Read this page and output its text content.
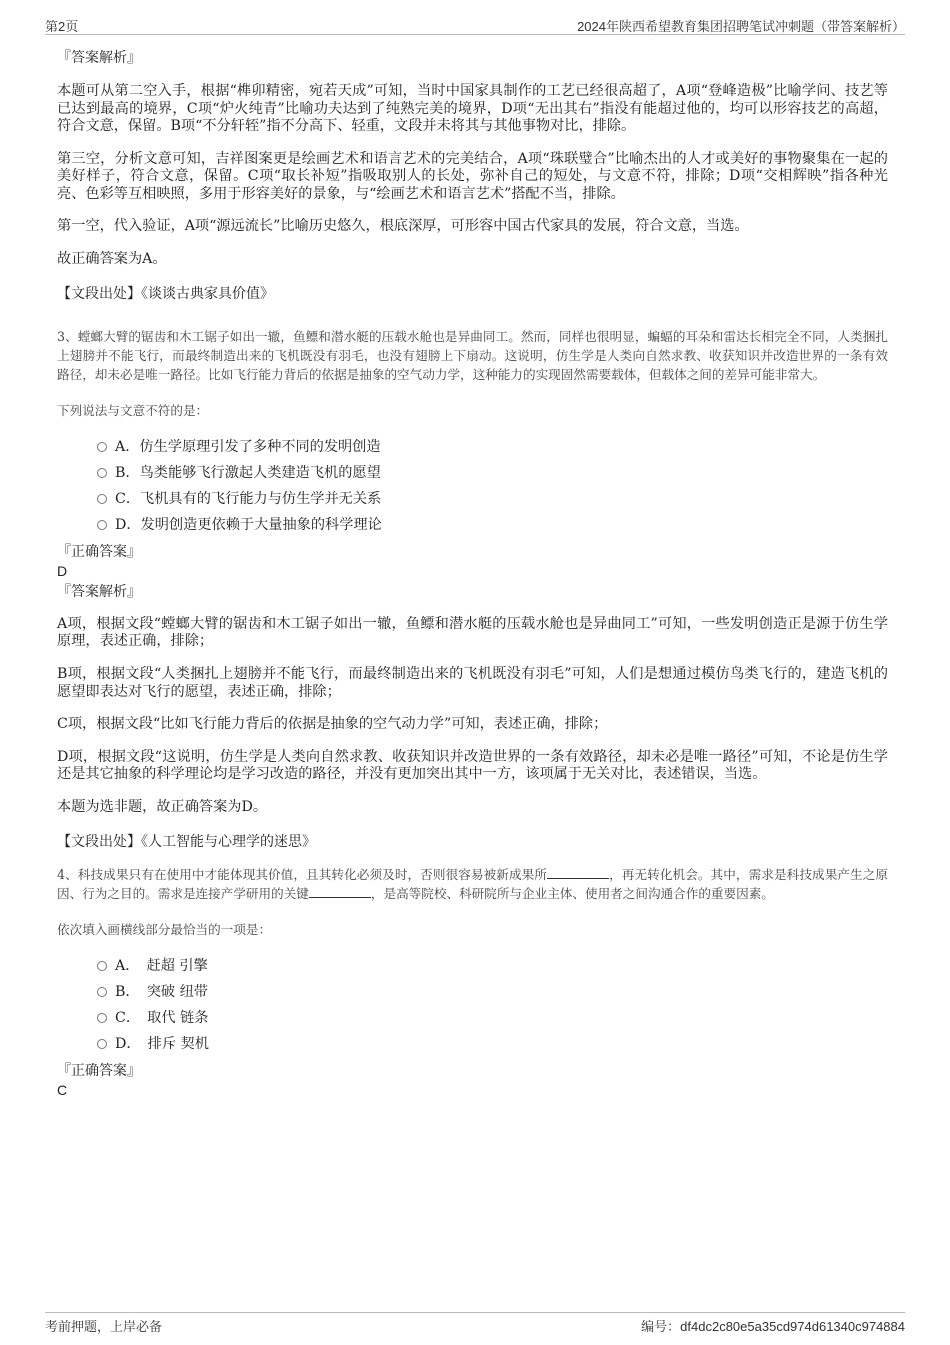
第2页	2024年陕西希望教育集团招聘笔试冲刺题（带答案解析）

『答案解析』

本题可从第二空入手，根据“榫卯精密，宛若天成”可知，当时中国家具制作的工艺已经很高超了，A项“登峰造极”比喻学问、技艺等已达到最高的境界，C项“炉火纯青”比喻功夫达到了纯熟完美的境界，D项“无出其右”指没有能超过他的，均可以形容技艺的高超，符合文意，保留。B项“不分轩轾”指不分高下、轻重，文段并未将其与其他事物对比，排除。

第三空，分析文意可知，吉祥图案更是绘画艺术和语言艺术的完美结合，A项“珠联璧合”比喻杰出的人才或美好的事物聚集在一起的美好样子，符合文意，保留。C项“取长补短”指吸取别人的长处，弥补自己的短处，与文意不符，排除；D项“交相辉映”指各种光亮、色彩等互相映照，多用于形容美好的景象，与“绘画艺术和语言艺术”搭配不当，排除。

第一空，代入验证，A项“源远流长”比喻历史悠久，根底深厚，可形容中国古代家具的发展，符合文意，当选。

故正确答案为A。

【文段出处】《谈谈古典家具价值》

3、螳螂大臂的锯齿和木工锯子如出一辙，鱼鳔和潜水艇的压载水舱也是异曲同工。然而，同样也很明显，蝙蝠的耳朵和雷达长相完全不同，人类捆扎上翅膀并不能飞行，而最终制造出来的飞机既没有羽毛，也没有翅膀上下扇动。这说明，仿生学是人类向自然求教、收获知识并改造世界的一条有效路径，却未必是唯一路径。比如飞行能力背后的依据是抽象的空气动力学，这种能力的实现固然需要载体，但载体之间的差异可能非常大。

下列说法与文意不符的是：

A．仿生学原理引发了多种不同的发明创造
B．鸟类能够飞行激起人类建造飞机的愿望
C．飞机具有的飞行能力与仿生学并无关系
D．发明创造更依赖于大量抽象的科学理论

『正确答案』

D

『答案解析』

A项，根据文段“螳螂大臂的锯齿和木工锯子如出一辙，鱼鳔和潜水艇的压载水舱也是异曲同工”可知，一些发明创造正是源于仿生学原理，表述正确，排除；

B项，根据文段“人类捆扎上翅膀并不能飞行，而最终制造出来的飞机既没有羽毛”可知，人们是想通过模仿鸟类飞行的，建造飞机的愿望即表达对飞行的愿望，表述正确，排除；

C项，根据文段“比如飞行能力背后的依据是抽象的空气动力学”可知，表述正确，排除；

D项，根据文段“这说明，仿生学是人类向自然求教、收获知识并改造世界的一条有效路径，却未必是唯一路径”可知，不论是仿生学还是其它抽象的科学理论均是学习改造的路径，并没有更加突出其中一方，该项属于无关对比，表述错误，当选。

本题为选非题，故正确答案为D。

【文段出处】《人工智能与心理学的迷思》

4、科技成果只有在使用中才能体现其价值，且其转化必须及时，否则很容易被新成果所	，再无转化机会。其中，需求是科技成果产生之原因、行为之目的。需求是连接产学研用的关键	，是高等院校、科研院所与企业主体、使用者之间沟通合作的重要因素。

依次填入画横线部分最恰当的一项是：

A．　赶超 引擎
B．　突破 纽带
C．　取代 链条
D．　排斥 契机

『正确答案』

C

考前押题，上岸必备	编号：df4dc2c80e5a35cd974d61340c974884
